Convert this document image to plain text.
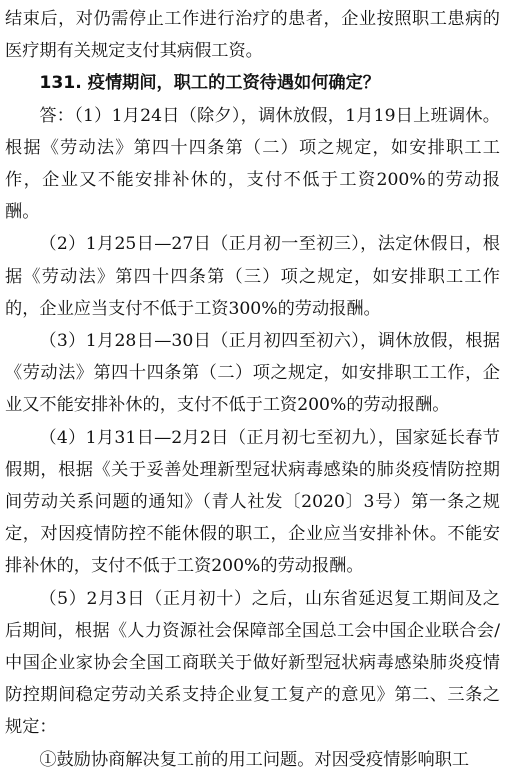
结束后，对仍需停止工作进行治疗的患者，企业按照职工患病的医疗期有关规定支付其病假工资。

131. 疫情期间，职工的工资待遇如何确定？

答：（1）1月24日（除夕），调休放假，1月19日上班调休。根据《劳动法》第四十四条第（二）项之规定，如安排职工工作，企业又不能安排补休的，支付不低于工资200%的劳动报酬。

（2）1月25日—27日（正月初一至初三），法定休假日，根据《劳动法》第四十四条第（三）项之规定，如安排职工工作的，企业应当支付不低于工资300%的劳动报酬。

（3）1月28日—30日（正月初四至初六），调休放假，根据《劳动法》第四十四条第（二）项之规定，如安排职工工作，企业又不能安排补休的，支付不低于工资200%的劳动报酬。

（4）1月31日—2月2日（正月初七至初九），国家延长春节假期，根据《关于妥善处理新型冠状病毒感染的肺炎疫情防控期间劳动关系问题的通知》（青人社发〔2020〕3号）第一条之规定，对因疫情防控不能休假的职工，企业应当安排补休。不能安排补休的，支付不低于工资200%的劳动报酬。

（5）2月3日（正月初十）之后，山东省延迟复工期间及之后期间，根据《人力资源社会保障部全国总工会中国企业联合会/中国企业家协会全国工商联关于做好新型冠状病毒感染肺炎疫情防控期间稳定劳动关系支持企业复工复产的意见》第二、三条之规定：

①鼓励协商解决复工前的用工问题。对因受疫情影响职工
